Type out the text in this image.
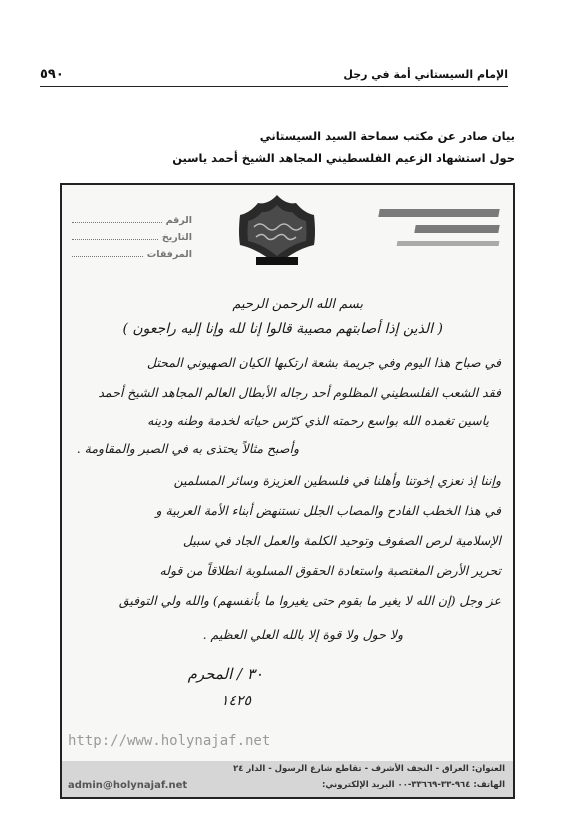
٥٩٠	الإمام السيستاني أمة في رجل
بيان صادر عن مكتب سماحة السيد السيستاني
حول استشهاد الزعيم الفلسطيني المجاهد الشيخ أحمد ياسين
الرقم
التاريخ
المرفقات
بسم الله الرحمن الرحيم
( الذين إذا أصابتهم مصيبة قالوا إنا لله وإنا إليه راجعون )
في صباح هذا اليوم وفي جريمة بشعة ارتكبها الكيان الصهيوني المحتل
فقد الشعب الفلسطيني المظلوم أحد رجاله الأبطال العالم المجاهد الشيخ أحمد
ياسين تغمده الله بواسع رحمته الذي كرّس حياته لخدمة وطنه ودينه
وأصبح مثالاً يحتذى به في الصبر والمقاومة .
وإننا إذ نعزي إخوتنا وأهلنا في فلسطين العزيزة وسائر المسلمين
في هذا الخطب الفادح والمصاب الجلل نستنهض أبناء الأمة العربية و
الإسلامية لرص الصفوف وتوحيد الكلمة والعمل الجاد في سبيل
تحرير الأرض المغتصبة واستعادة الحقوق المسلوبة انطلاقاً من قوله
عز وجل (إن الله لا يغير ما بقوم حتى يغيروا ما بأنفسهم) والله ولي التوفيق
ولا حول ولا قوة إلا بالله العلي العظيم .
٣٠ / المحرم
١٤٢٥
http://www.holynajaf.net
العنوان: العراق - النجف الأشرف - تقاطع شارع الرسول - الدار ٢٤
admin@holynajaf.net	الهاتف: ٩٦٤-٣٣-٣٣٦٦٩-٠٠ البريد الإلكتروني:
